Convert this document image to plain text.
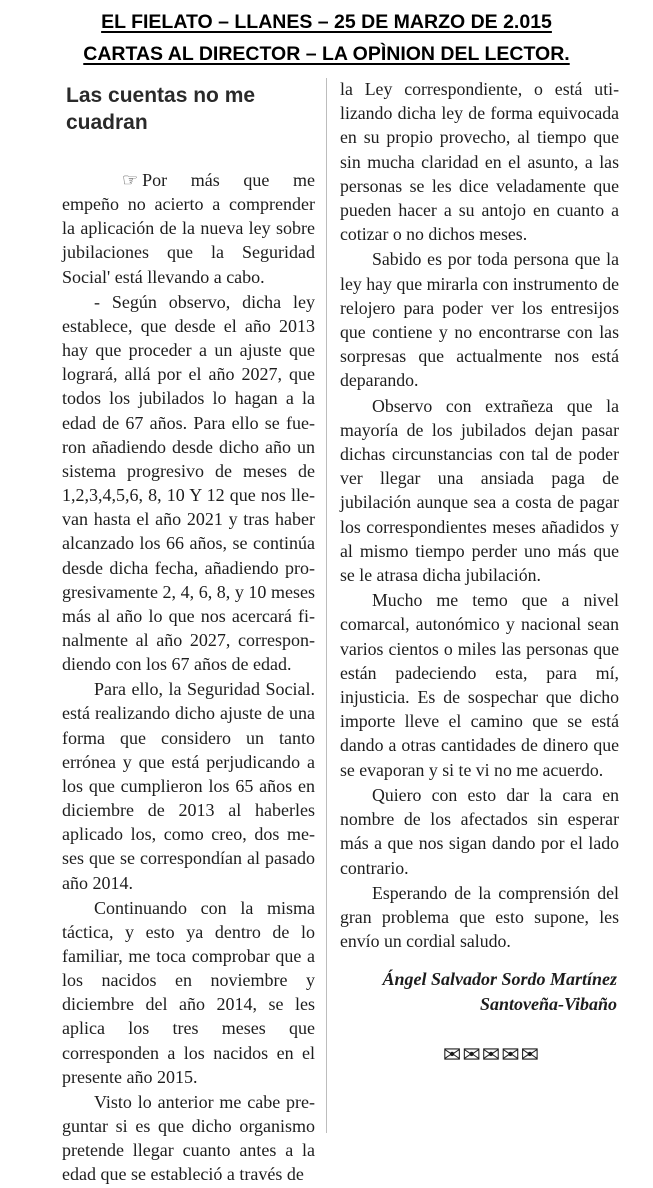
EL FIELATO – LLANES – 25 DE MARZO DE 2.015
CARTAS AL DIRECTOR – LA OPÌNION DEL LECTOR.
Las cuentas no me cuadran

☞ Por más que me empeño no acierto a comprender la aplicación de la nueva ley sobre jubilaciones que la Seguridad Social' está llevando a cabo.

- Según observo, dicha ley establece, que desde el año 2013 hay que proceder a un ajuste que logrará, allá por el año 2027, que todos los jubilados lo hagan a la edad de 67 años. Para ello se fueron añadiendo desde dicho año un sistema progresivo de meses de 1,2,3,4,5,6, 8, 10 Y 12 que nos llevan hasta el año 2021 y tras haber alcanzado los 66 años, se continúa desde dicha fecha, añadiendo progresivamente 2, 4, 6, 8, y 10 meses más al año lo que nos acercará finalmente al año 2027, correspondiendo con los 67 años de edad.

Para ello, la Seguridad Social. está realizando dicho ajuste de una forma que considero un tanto errónea y que está perjudicando a los que cumplieron los 65 años en diciembre de 2013 al haberles aplicado los, como creo, dos meses que se correspondían al pasado año 2014.

Continuando con la misma táctica, y esto ya dentro de lo familiar, me toca comprobar que a los nacidos en noviembre y diciembre del año 2014, se les aplica los tres meses que corresponden a los nacidos en el presente año 2015.

Visto lo anterior me cabe preguntar si es que dicho organismo pretende llegar cuanto antes a la edad que se estableció a través de

la Ley correspondiente, o está utilizando dicha ley de forma equivocada en su propio provecho, al tiempo que sin mucha claridad en el asunto, a las personas se les dice veladamente que pueden hacer a su antojo en cuanto a cotizar o no dichos meses.

Sabido es por toda persona que la ley hay que mirarla con instrumento de relojero para poder ver los entresijos que contiene y no encontrarse con las sorpresas que actualmente nos está deparando.

Observo con extrañeza que la mayoría de los jubilados dejan pasar dichas circunstancias con tal de poder ver llegar una ansiada paga de jubilación aunque sea a costa de pagar los correspondientes meses añadidos y al mismo tiempo perder uno más que se le atrasa dicha jubilación.

Mucho me temo que a nivel comarcal, autonómico y nacional sean varios cientos o miles las personas que están padeciendo esta, para mí, injusticia. Es de sospechar que dicho importe lleve el camino que se está dando a otras cantidades de dinero que se evaporan y si te vi no me acuerdo.

Quiero con esto dar la cara en nombre de los afectados sin esperar más a que nos sigan dando por el lado contrario.

Esperando de la comprensión del gran problema que esto supone, les envío un cordial saludo.

Ángel Salvador Sordo Martínez
Santoveña-Vibaño
✉✉✉✉✉
